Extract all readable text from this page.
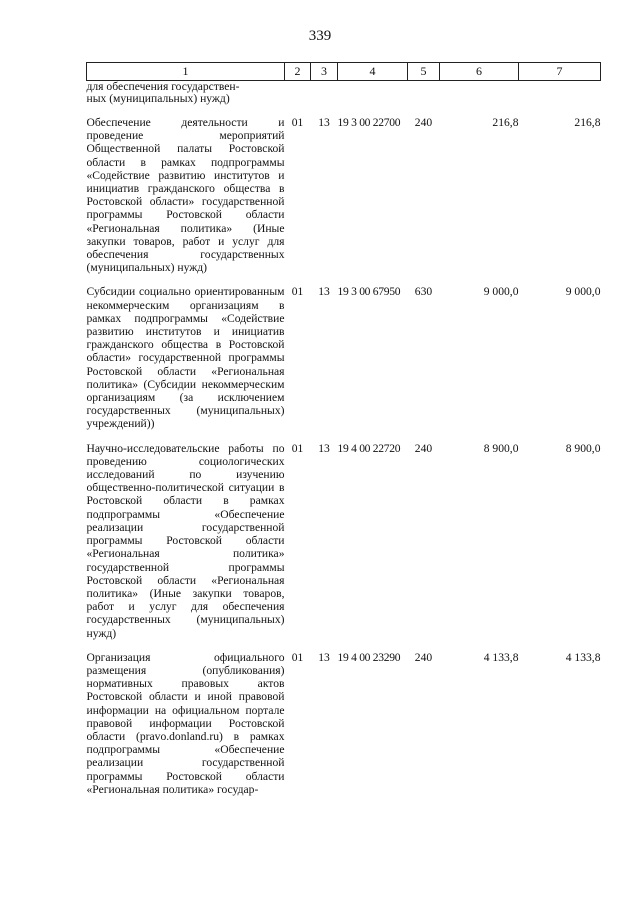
339
1	2	3	4	5	6	7
для обеспечения государствен-
ных (муниципальных) нужд)						
Обеспечение деятельности и проведение мероприятий Общественной палаты Ростовской области в рамках подпрограммы «Содействие развитию институтов и инициатив гражданского общества в Ростовской области» государственной программы Ростовской области «Региональная политика» (Иные закупки товаров, работ и услуг для обеспечения государственных (муниципальных) нужд)	01	13	19 3 00 22700	240	216,8	216,8
Субсидии социально ориентированным некоммерческим организациям в рамках подпрограммы «Содействие развитию институтов и инициатив гражданского общества в Ростовской области» государственной программы Ростовской области «Региональная политика» (Субсидии некоммерческим организациям (за исключением государственных (муниципальных) учреждений))	01	13	19 3 00 67950	630	9 000,0	9 000,0
Научно-исследовательские работы по проведению социологических исследований по изучению общественно-политической ситуации в Ростовской области в рамках подпрограммы «Обеспечение реализации государственной программы Ростовской области «Региональная политика» государственной программы Ростовской области «Региональная политика» (Иные закупки товаров, работ и услуг для обеспечения государственных (муниципальных) нужд)	01	13	19 4 00 22720	240	8 900,0	8 900,0
Организация официального размещения (опубликования) нормативных правовых актов Ростовской области и иной правовой информации на официальном портале правовой информации Ростовской области (pravo.donland.ru) в рамках подпрограммы «Обеспечение реализации государственной программы Ростовской области «Региональная политика» государ-	01	13	19 4 00 23290	240	4 133,8	4 133,8
